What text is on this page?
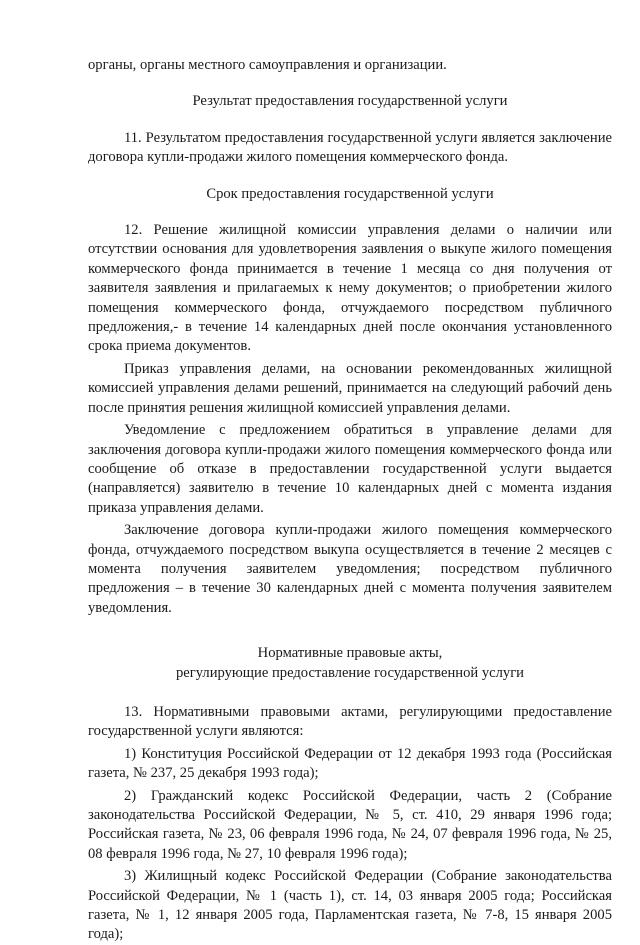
органы, органы местного самоуправления и организации.

Результат предоставления государственной услуги

11. Результатом предоставления государственной услуги является заключение договора купли-продажи жилого помещения коммерческого фонда.

Срок предоставления государственной услуги

12. Решение жилищной комиссии управления делами о наличии или отсутствии основания для удовлетворения заявления о выкупе жилого помещения коммерческого фонда принимается в течение 1 месяца со дня получения от заявителя заявления и прилагаемых к нему документов; о приобретении жилого помещения коммерческого фонда, отчуждаемого посредством публичного предложения,- в течение 14 календарных дней после окончания установленного срока приема документов.

Приказ управления делами, на основании рекомендованных жилищной комиссией управления делами решений, принимается на следующий рабочий день после принятия решения жилищной комиссией управления делами.

Уведомление с предложением обратиться в управление делами для заключения договора купли-продажи жилого помещения коммерческого фонда или сообщение об отказе в предоставлении государственной услуги выдается (направляется) заявителю в течение 10 календарных дней с момента издания приказа управления делами.

Заключение договора купли-продажи жилого помещения коммерческого фонда, отчуждаемого посредством выкупа осуществляется в течение 2 месяцев с момента получения заявителем уведомления; посредством публичного предложения – в течение 30 календарных дней с момента получения заявителем уведомления.

Нормативные правовые акты,

регулирующие предоставление государственной услуги

13. Нормативными правовыми актами, регулирующими предоставление государственной услуги являются:

1) Конституция Российской Федерации от 12 декабря 1993 года (Российская газета, № 237, 25 декабря 1993 года);

2) Гражданский кодекс Российской Федерации, часть 2 (Собрание законодательства Российской Федерации, № 5, ст. 410, 29 января 1996 года; Российская газета, № 23, 06 февраля 1996 года, № 24, 07 февраля 1996 года, № 25, 08 февраля 1996 года, № 27, 10 февраля 1996 года);

3) Жилищный кодекс Российской Федерации (Собрание законодательства Российской Федерации, № 1 (часть 1), ст. 14, 03 января 2005 года; Российская газета, № 1, 12 января 2005 года, Парламентская газета, № 7-8, 15 января 2005 года);
